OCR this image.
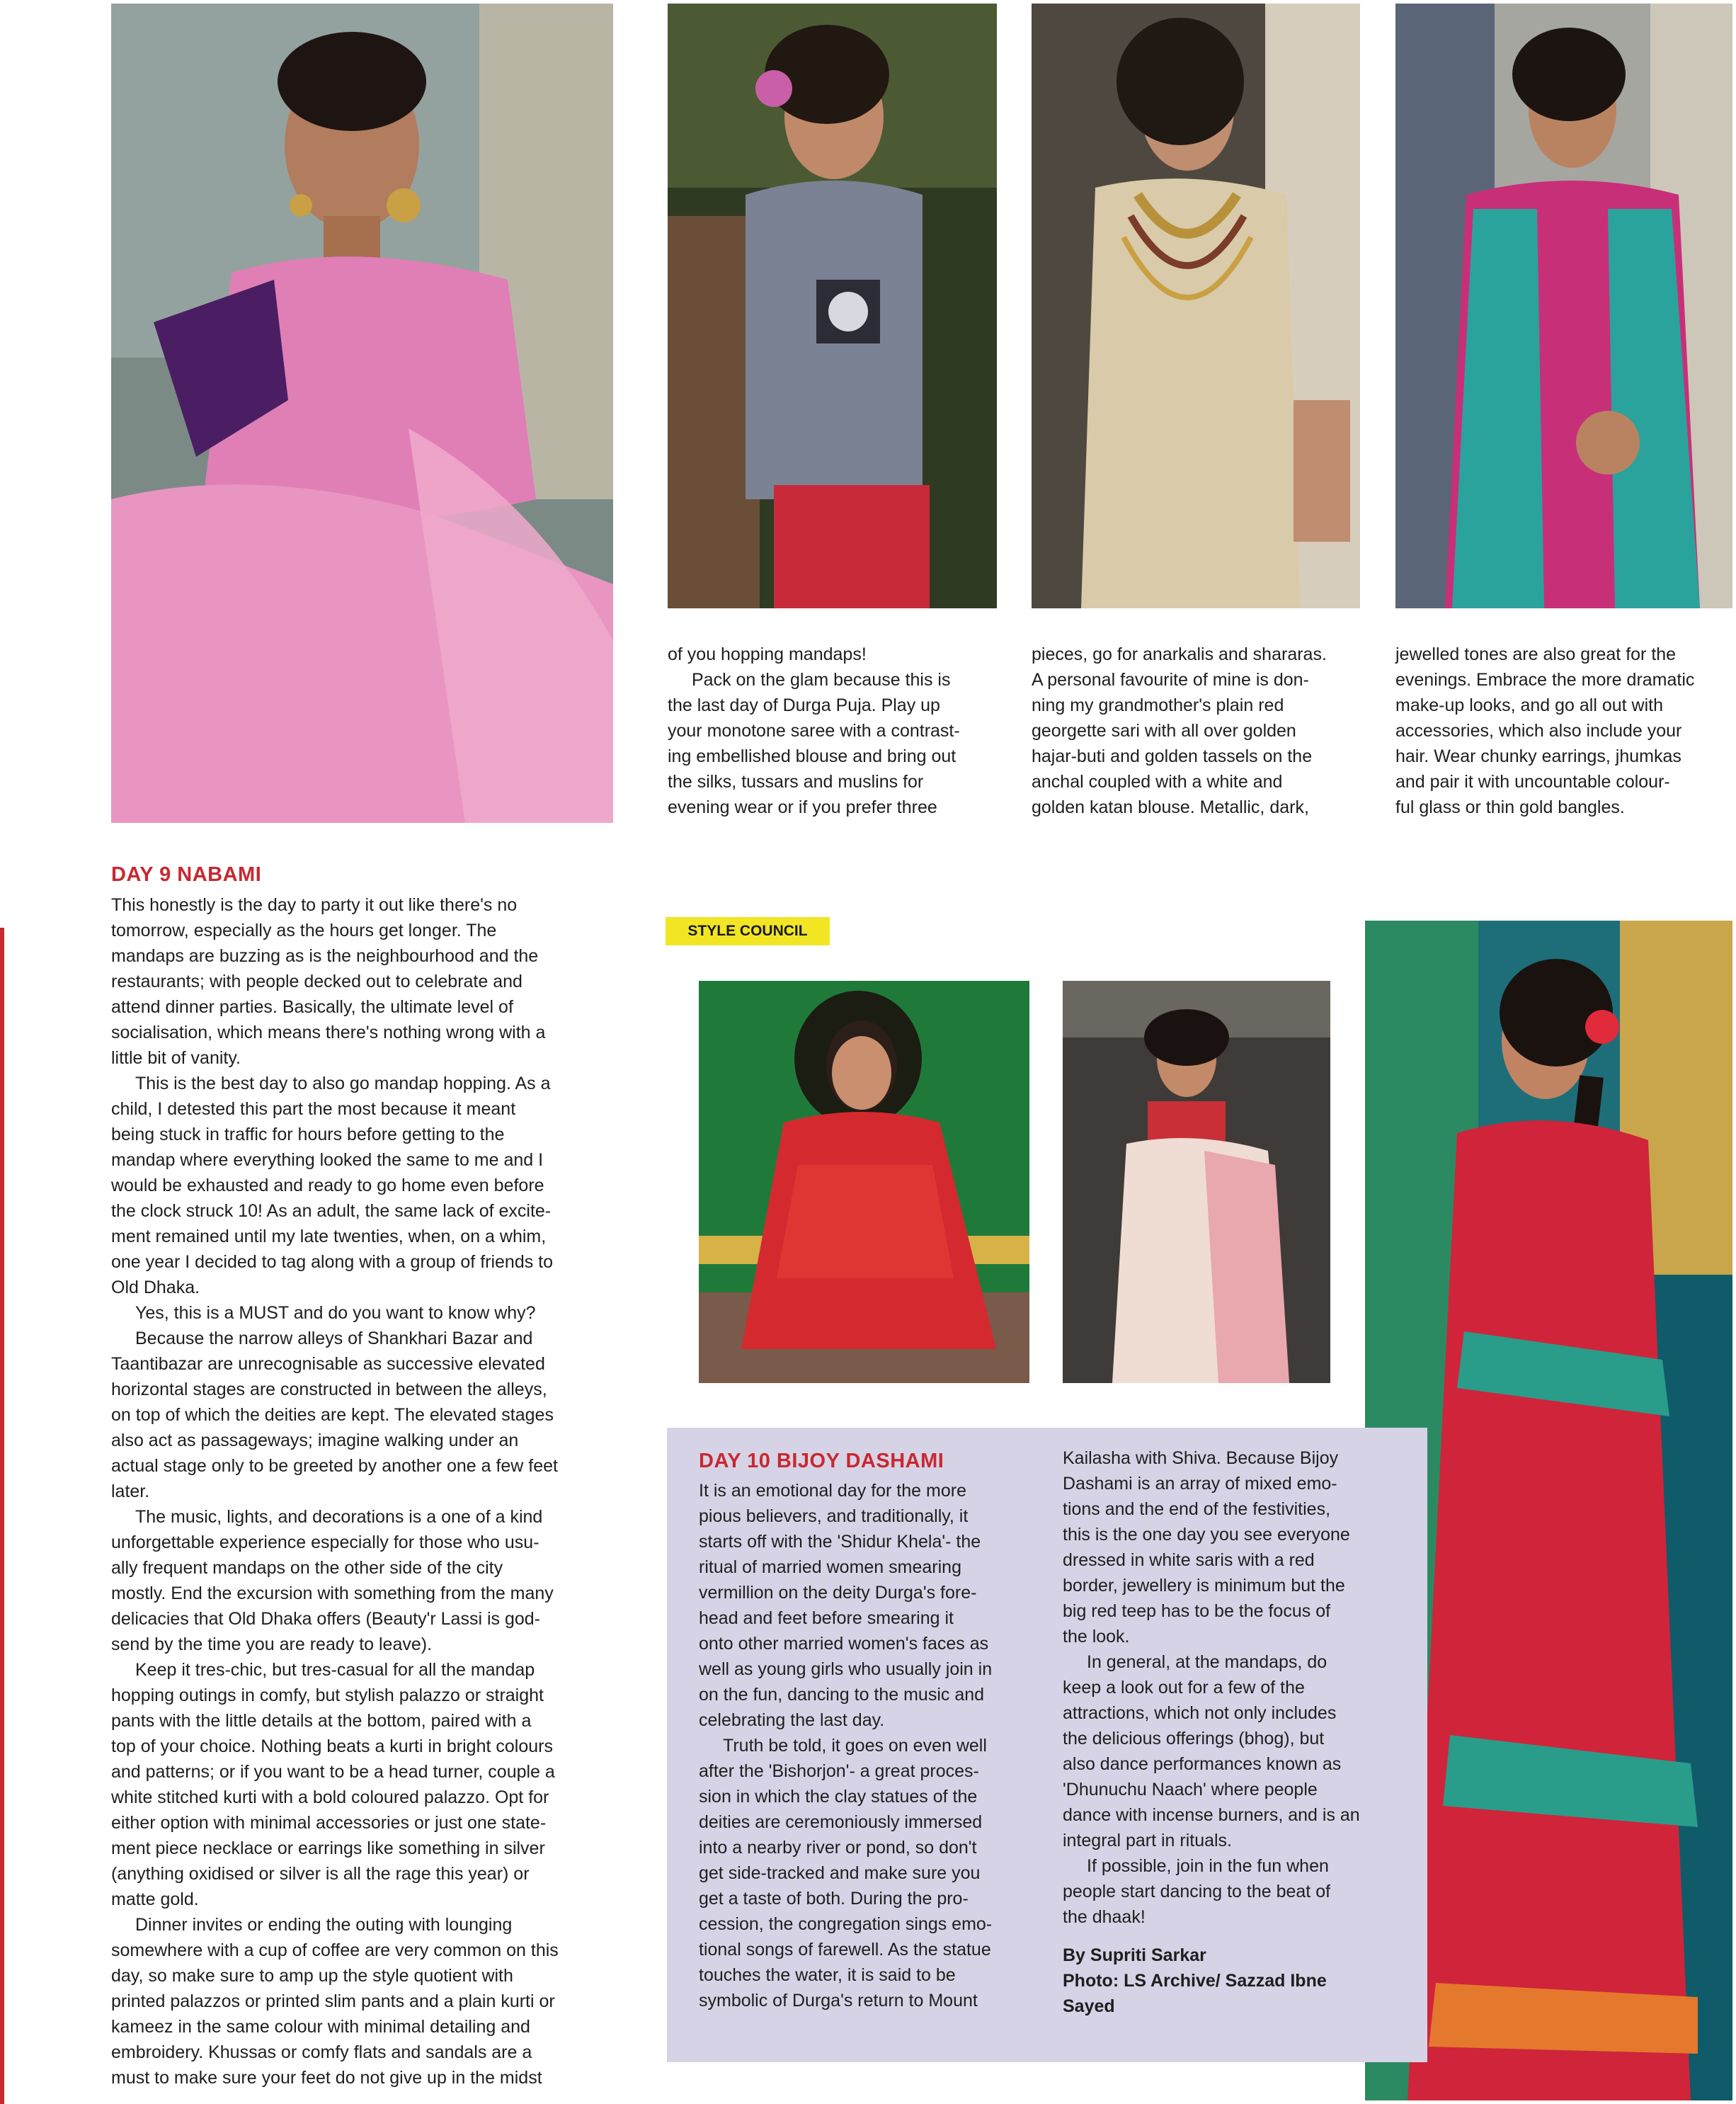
of you hopping mandaps!

Pack on the glam because this is

the last day of Durga Puja. Play up

your monotone saree with a contrast-

ing embellished blouse and bring out

the silks, tussars and muslins for

evening wear or if you prefer three

pieces, go for anarkalis and shararas.

A personal favourite of mine is don-

ning my grandmother's plain red

georgette sari with all over golden

hajar-buti and golden tassels on the

anchal coupled with a white and

golden katan blouse. Metallic, dark,

jewelled tones are also great for the

evenings. Embrace the more dramatic

make-up looks, and go all out with

accessories, which also include your

hair. Wear chunky earrings, jhumkas

and pair it with uncountable colour-

ful glass or thin gold bangles.

DAY 9 NABAMI

This honestly is the day to party it out like there's no

tomorrow, especially as the hours get longer. The

mandaps are buzzing as is the neighbourhood and the

restaurants; with people decked out to celebrate and

attend dinner parties. Basically, the ultimate level of

socialisation, which means there's nothing wrong with a

little bit of vanity.

This is the best day to also go mandap hopping. As a

child, I detested this part the most because it meant

being stuck in traffic for hours before getting to the

mandap where everything looked the same to me and I

would be exhausted and ready to go home even before

the clock struck 10! As an adult, the same lack of excite-

ment remained until my late twenties, when, on a whim,

one year I decided to tag along with a group of friends to

Old Dhaka.

Yes, this is a MUST and do you want to know why?

Because the narrow alleys of Shankhari Bazar and

Taantibazar are unrecognisable as successive elevated

horizontal stages are constructed in between the alleys,

on top of which the deities are kept. The elevated stages

also act as passageways; imagine walking under an

actual stage only to be greeted by another one a few feet

later.

The music, lights, and decorations is a one of a kind

unforgettable experience especially for those who usu-

ally frequent mandaps on the other side of the city

mostly. End the excursion with something from the many

delicacies that Old Dhaka offers (Beauty'r Lassi is god-

send by the time you are ready to leave).

Keep it tres-chic, but tres-casual for all the mandap

hopping outings in comfy, but stylish palazzo or straight

pants with the little details at the bottom, paired with a

top of your choice. Nothing beats a kurti in bright colours

and patterns; or if you want to be a head turner, couple a

white stitched kurti with a bold coloured palazzo. Opt for

either option with minimal accessories or just one state-

ment piece necklace or earrings like something in silver

(anything oxidised or silver is all the rage this year) or

matte gold.

Dinner invites or ending the outing with lounging

somewhere with a cup of coffee are very common on this

day, so make sure to amp up the style quotient with

printed palazzos or printed slim pants and a plain kurti or

kameez in the same colour with minimal detailing and

embroidery. Khussas or comfy flats and sandals are a

must to make sure your feet do not give up in the midst

STYLE COUNCIL
DAY 10 BIJOY DASHAMI

It is an emotional day for the more

pious believers, and traditionally, it

starts off with the 'Shidur Khela'- the

ritual of married women smearing

vermillion on the deity Durga's fore-

head and feet before smearing it

onto other married women's faces as

well as young girls who usually join in

on the fun, dancing to the music and

celebrating the last day.

Truth be told, it goes on even well

after the 'Bishorjon'- a great proces-

sion in which the clay statues of the

deities are ceremoniously immersed

into a nearby river or pond, so don't

get side-tracked and make sure you

get a taste of both. During the pro-

cession, the congregation sings emo-

tional songs of farewell. As the statue

touches the water, it is said to be

symbolic of Durga's return to Mount

Kailasha with Shiva. Because Bijoy

Dashami is an array of mixed emo-

tions and the end of the festivities,

this is the one day you see everyone

dressed in white saris with a red

border, jewellery is minimum but the

big red teep has to be the focus of

the look.

In general, at the mandaps, do

keep a look out for a few of the

attractions, which not only includes

the delicious offerings (bhog), but

also dance performances known as

'Dhunuchu Naach' where people

dance with incense burners, and is an

integral part in rituals.

If possible, join in the fun when

people start dancing to the beat of

the dhaak!

By Supriti Sarkar

Photo: LS Archive/ Sazzad Ibne

Sayed
